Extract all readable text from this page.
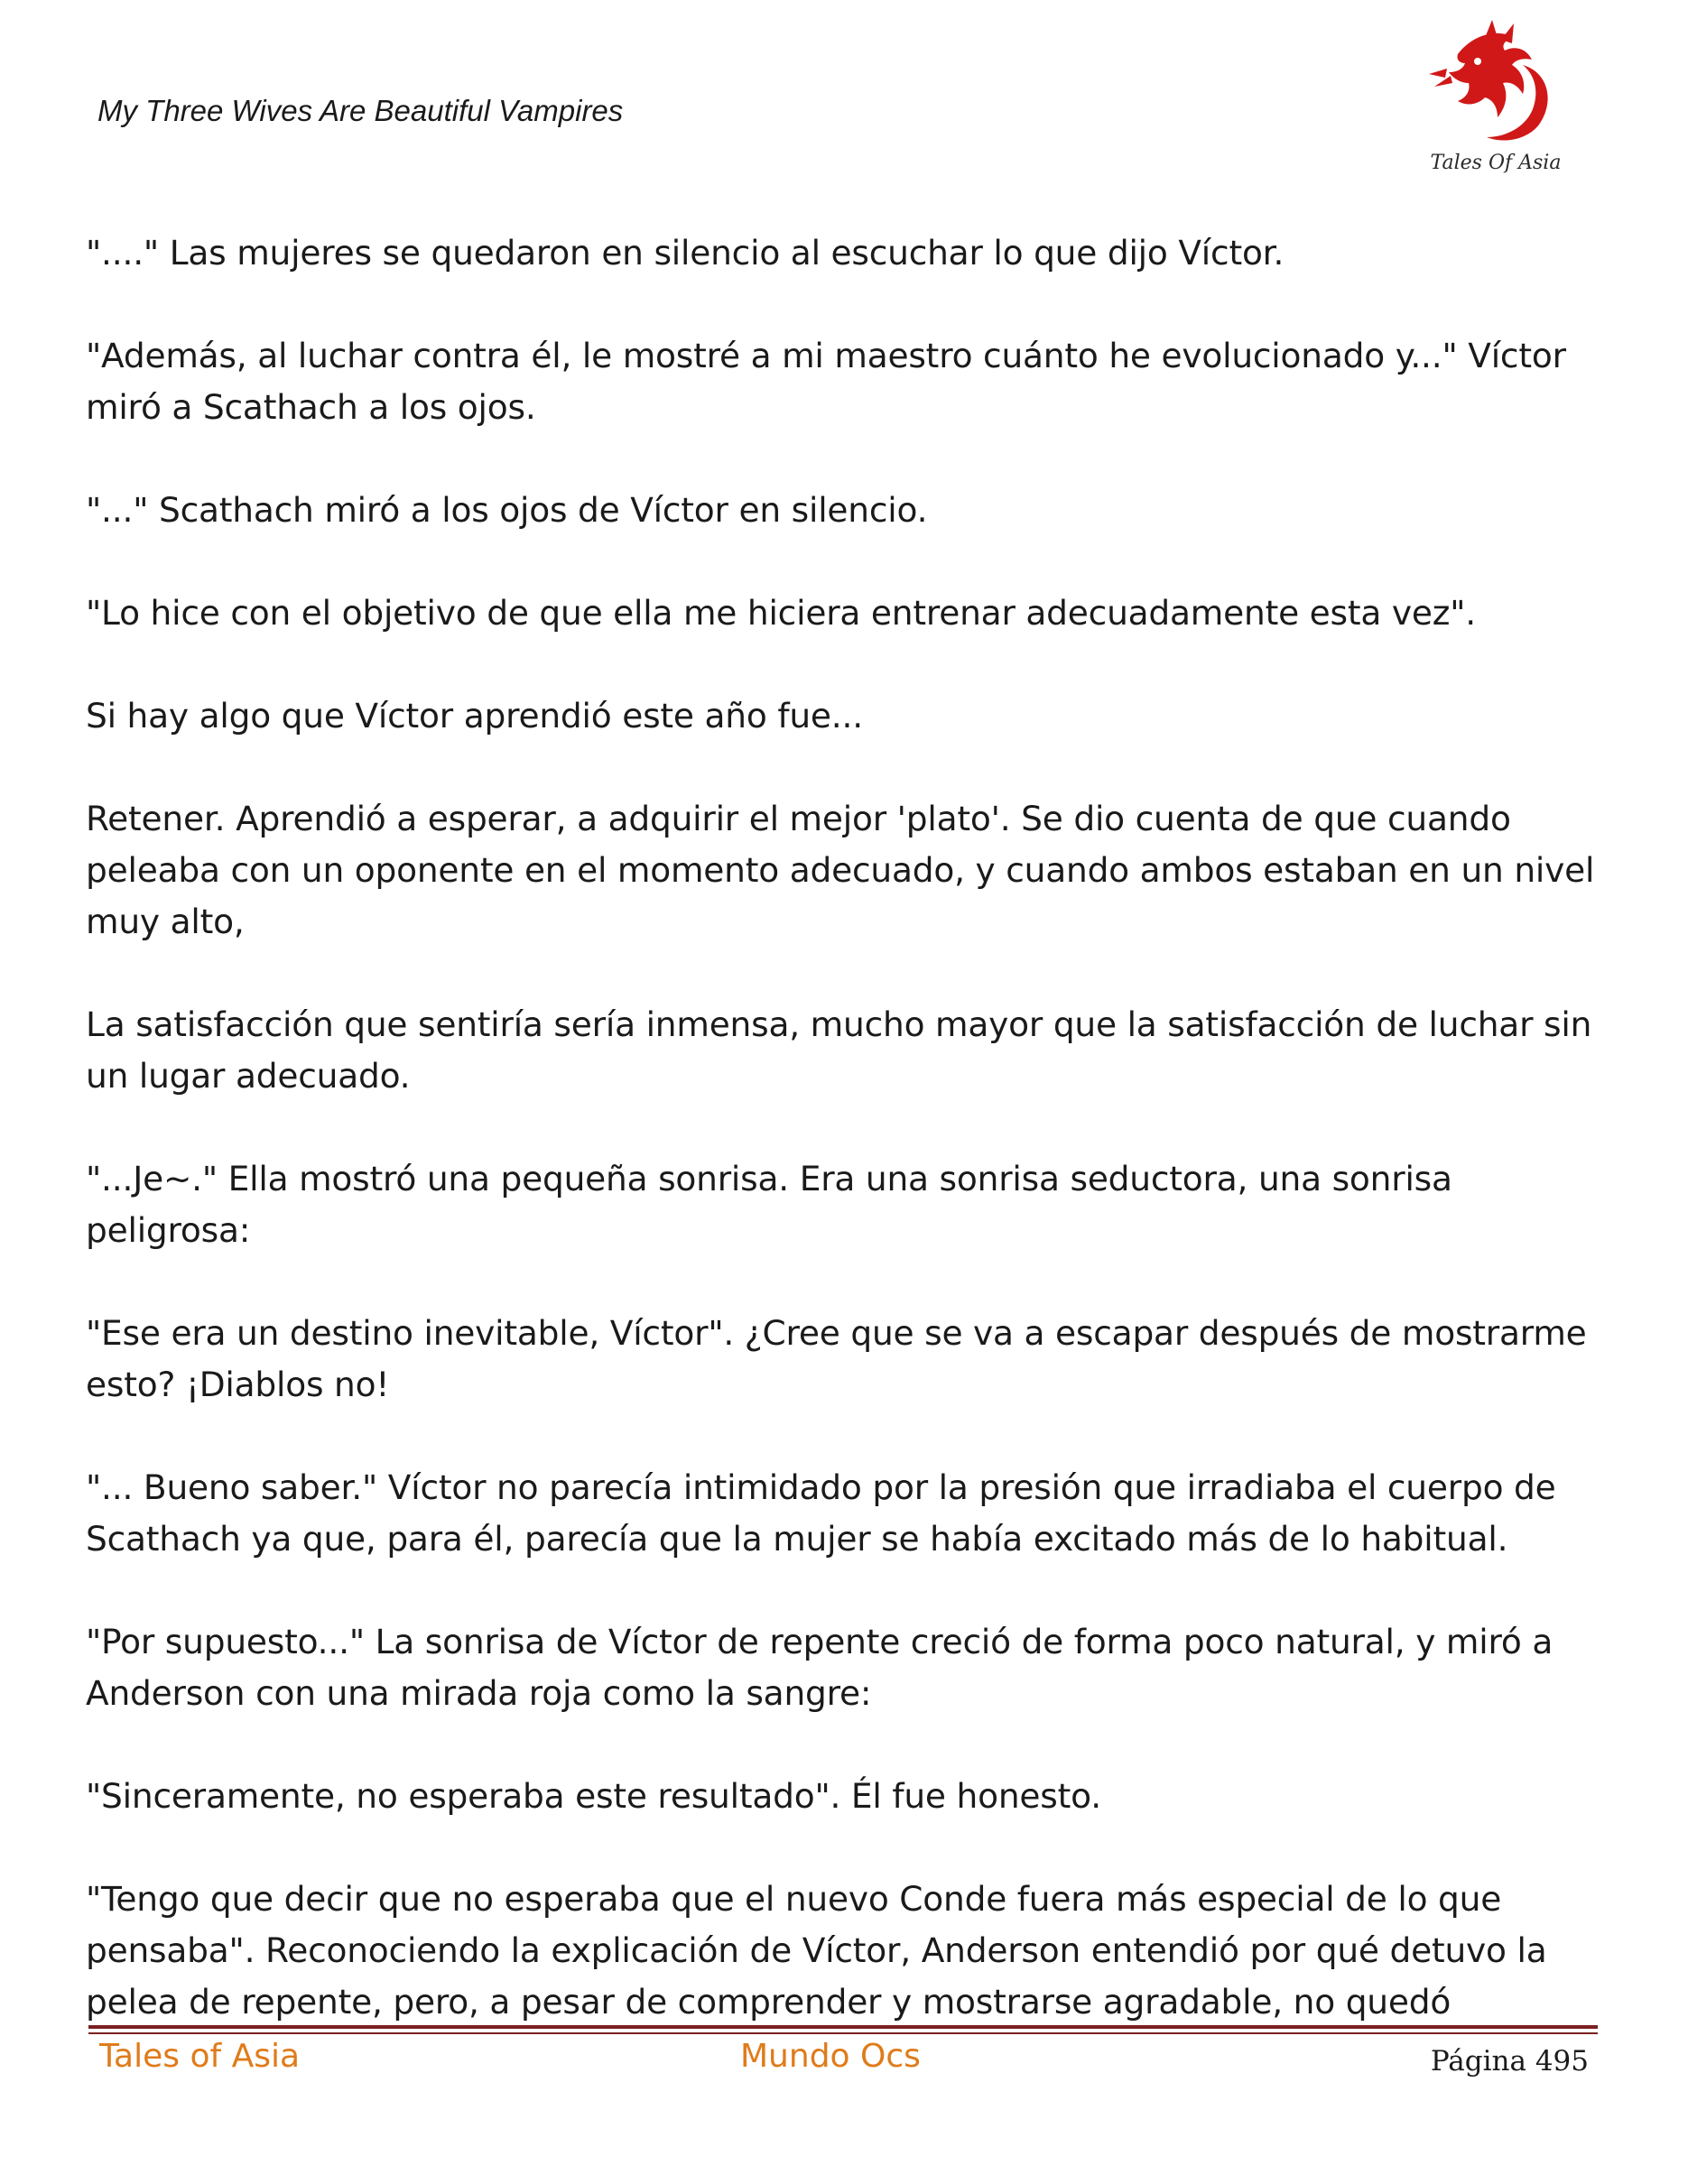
My Three Wives Are Beautiful Vampires
Tales Of Asia

"...." Las mujeres se quedaron en silencio al escuchar lo que dijo Víctor.

"Además, al luchar contra él, le mostré a mi maestro cuánto he evolucionado y..." Víctor miró a Scathach a los ojos.

"..." Scathach miró a los ojos de Víctor en silencio.

"Lo hice con el objetivo de que ella me hiciera entrenar adecuadamente esta vez".

Si hay algo que Víctor aprendió este año fue...

Retener. Aprendió a esperar, a adquirir el mejor 'plato'. Se dio cuenta de que cuando peleaba con un oponente en el momento adecuado, y cuando ambos estaban en un nivel muy alto,

La satisfacción que sentiría sería inmensa, mucho mayor que la satisfacción de luchar sin un lugar adecuado.

"...Je~." Ella mostró una pequeña sonrisa. Era una sonrisa seductora, una sonrisa peligrosa:

"Ese era un destino inevitable, Víctor". ¿Cree que se va a escapar después de mostrarme esto? ¡Diablos no!

"... Bueno saber." Víctor no parecía intimidado por la presión que irradiaba el cuerpo de Scathach ya que, para él, parecía que la mujer se había excitado más de lo habitual.

"Por supuesto..." La sonrisa de Víctor de repente creció de forma poco natural, y miró a Anderson con una mirada roja como la sangre:

"Sinceramente, no esperaba este resultado". Él fue honesto.

"Tengo que decir que no esperaba que el nuevo Conde fuera más especial de lo que pensaba". Reconociendo la explicación de Víctor, Anderson entendió por qué detuvo la pelea de repente, pero, a pesar de comprender y mostrarse agradable, no quedó

Tales of Asia	Mundo Ocs	Página 495
